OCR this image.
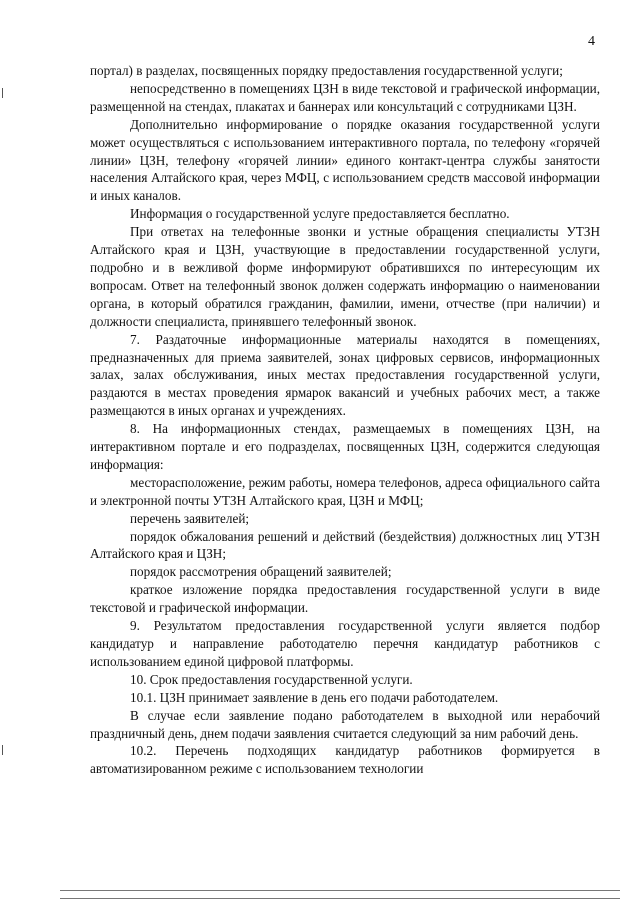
4

портал) в разделах, посвященных порядку предоставления государственной услуги;

непосредственно в помещениях ЦЗН в виде текстовой и графической информации, размещенной на стендах, плакатах и баннерах или консультаций с сотрудниками ЦЗН.

Дополнительно информирование о порядке оказания государственной услуги может осуществляться с использованием интерактивного портала, по телефону «горячей линии» ЦЗН, телефону «горячей линии» единого контакт-центра службы занятости населения Алтайского края, через МФЦ, с использованием средств массовой информации и иных каналов.

Информация о государственной услуге предоставляется бесплатно.

При ответах на телефонные звонки и устные обращения специалисты УТЗН Алтайского края и ЦЗН, участвующие в предоставлении государственной услуги, подробно и в вежливой форме информируют обратившихся по интересующим их вопросам. Ответ на телефонный звонок должен содержать информацию о наименовании органа, в который обратился гражданин, фамилии, имени, отчестве (при наличии) и должности специалиста, принявшего телефонный звонок.

7. Раздаточные информационные материалы находятся в помещениях, предназначенных для приема заявителей, зонах цифровых сервисов, информационных залах, залах обслуживания, иных местах предоставления государственной услуги, раздаются в местах проведения ярмарок вакансий и учебных рабочих мест, а также размещаются в иных органах и учреждениях.

8. На информационных стендах, размещаемых в помещениях ЦЗН, на интерактивном портале и его подразделах, посвященных ЦЗН, содержится следующая информация:

месторасположение, режим работы, номера телефонов, адреса официального сайта и электронной почты УТЗН Алтайского края, ЦЗН и МФЦ;

перечень заявителей;

порядок обжалования решений и действий (бездействия) должностных лиц УТЗН Алтайского края и ЦЗН;

порядок рассмотрения обращений заявителей;

краткое изложение порядка предоставления государственной услуги в виде текстовой и графической информации.

9. Результатом предоставления государственной услуги является подбор кандидатур и направление работодателю перечня кандидатур работников с использованием единой цифровой платформы.

10. Срок предоставления государственной услуги.

10.1. ЦЗН принимает заявление в день его подачи работодателем.

В случае если заявление подано работодателем в выходной или нерабочий праздничный день, днем подачи заявления считается следующий за ним рабочий день.

10.2. Перечень подходящих кандидатур работников формируется в автоматизированном режиме с использованием технологии
